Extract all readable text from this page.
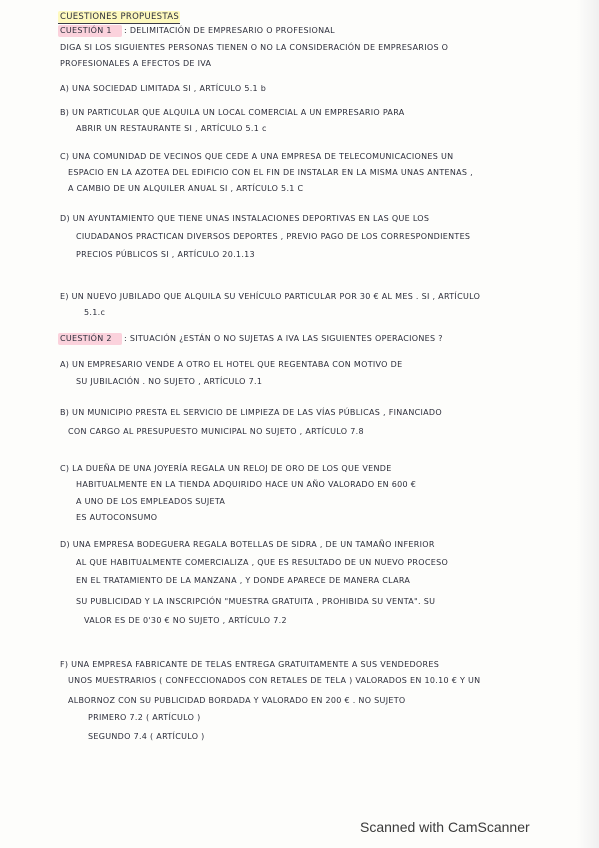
CUESTIONES PROPUESTAS
CUESTIÓN 1 : DELIMITACIÓN DE EMPRESARIO O PROFESIONAL
DIGA SI LOS SIGUIENTES PERSONAS TIENEN O NO LA CONSIDERACIÓN DE EMPRESARIOS O
PROFESIONALES A EFECTOS DE IVA
A) UNA SOCIEDAD LIMITADA SI , ARTÍCULO 5.1 b
B) UN PARTICULAR QUE ALQUILA UN LOCAL COMERCIAL A UN EMPRESARIO PARA
ABRIR UN RESTAURANTE SI , ARTÍCULO 5.1 c
C) UNA COMUNIDAD DE VECINOS QUE CEDE A UNA EMPRESA DE TELECOMUNICACIONES UN
ESPACIO EN LA AZOTEA DEL EDIFICIO CON EL FIN DE INSTALAR EN LA MISMA UNAS ANTENAS ,
A CAMBIO DE UN ALQUILER ANUAL SI , ARTÍCULO 5.1 C
D) UN AYUNTAMIENTO QUE TIENE UNAS INSTALACIONES DEPORTIVAS EN LAS QUE LOS
CIUDADANOS PRACTICAN DIVERSOS DEPORTES , PREVIO PAGO DE LOS CORRESPONDIENTES
PRECIOS PÚBLICOS SI , ARTÍCULO 20.1.13
E) UN NUEVO JUBILADO QUE ALQUILA SU VEHÍCULO PARTICULAR POR 30 € AL MES . SI , ARTÍCULO
5.1.c
CUESTIÓN 2 : SITUACIÓN ¿ESTÁN O NO SUJETAS A IVA LAS SIGUIENTES OPERACIONES ?
A) UN EMPRESARIO VENDE A OTRO EL HOTEL QUE REGENTABA CON MOTIVO DE
SU JUBILACIÓN . NO SUJETO , ARTÍCULO 7.1
B) UN MUNICIPIO PRESTA EL SERVICIO DE LIMPIEZA DE LAS VÍAS PÚBLICAS , FINANCIADO
CON CARGO AL PRESUPUESTO MUNICIPAL NO SUJETO , ARTÍCULO 7.8
C) LA DUEÑA DE UNA JOYERÍA REGALA UN RELOJ DE ORO DE LOS QUE VENDE
HABITUALMENTE EN LA TIENDA ADQUIRIDO HACE UN AÑO VALORADO EN 600 €
A UNO DE LOS EMPLEADOS SUJETA
ES AUTOCONSUMO
D) UNA EMPRESA BODEGUERA REGALA BOTELLAS DE SIDRA , DE UN TAMAÑO INFERIOR
AL QUE HABITUALMENTE COMERCIALIZA , QUE ES RESULTADO DE UN NUEVO PROCESO
EN EL TRATAMIENTO DE LA MANZANA , Y DONDE APARECE DE MANERA CLARA
SU PUBLICIDAD Y LA INSCRIPCIÓN "MUESTRA GRATUITA , PROHIBIDA SU VENTA". SU
VALOR ES DE 0'30 € NO SUJETO , ARTÍCULO 7.2
F) UNA EMPRESA FABRICANTE DE TELAS ENTREGA GRATUITAMENTE A SUS VENDEDORES
UNOS MUESTRARIOS ( CONFECCIONADOS CON RETALES DE TELA ) VALORADOS EN 10.10 € Y UN
ALBORNOZ CON SU PUBLICIDAD BORDADA Y VALORADO EN 200 € . NO SUJETO
PRIMERO 7.2 ( ARTÍCULO )
SEGUNDO 7.4 ( ARTÍCULO )
Scanned with CamScanner
